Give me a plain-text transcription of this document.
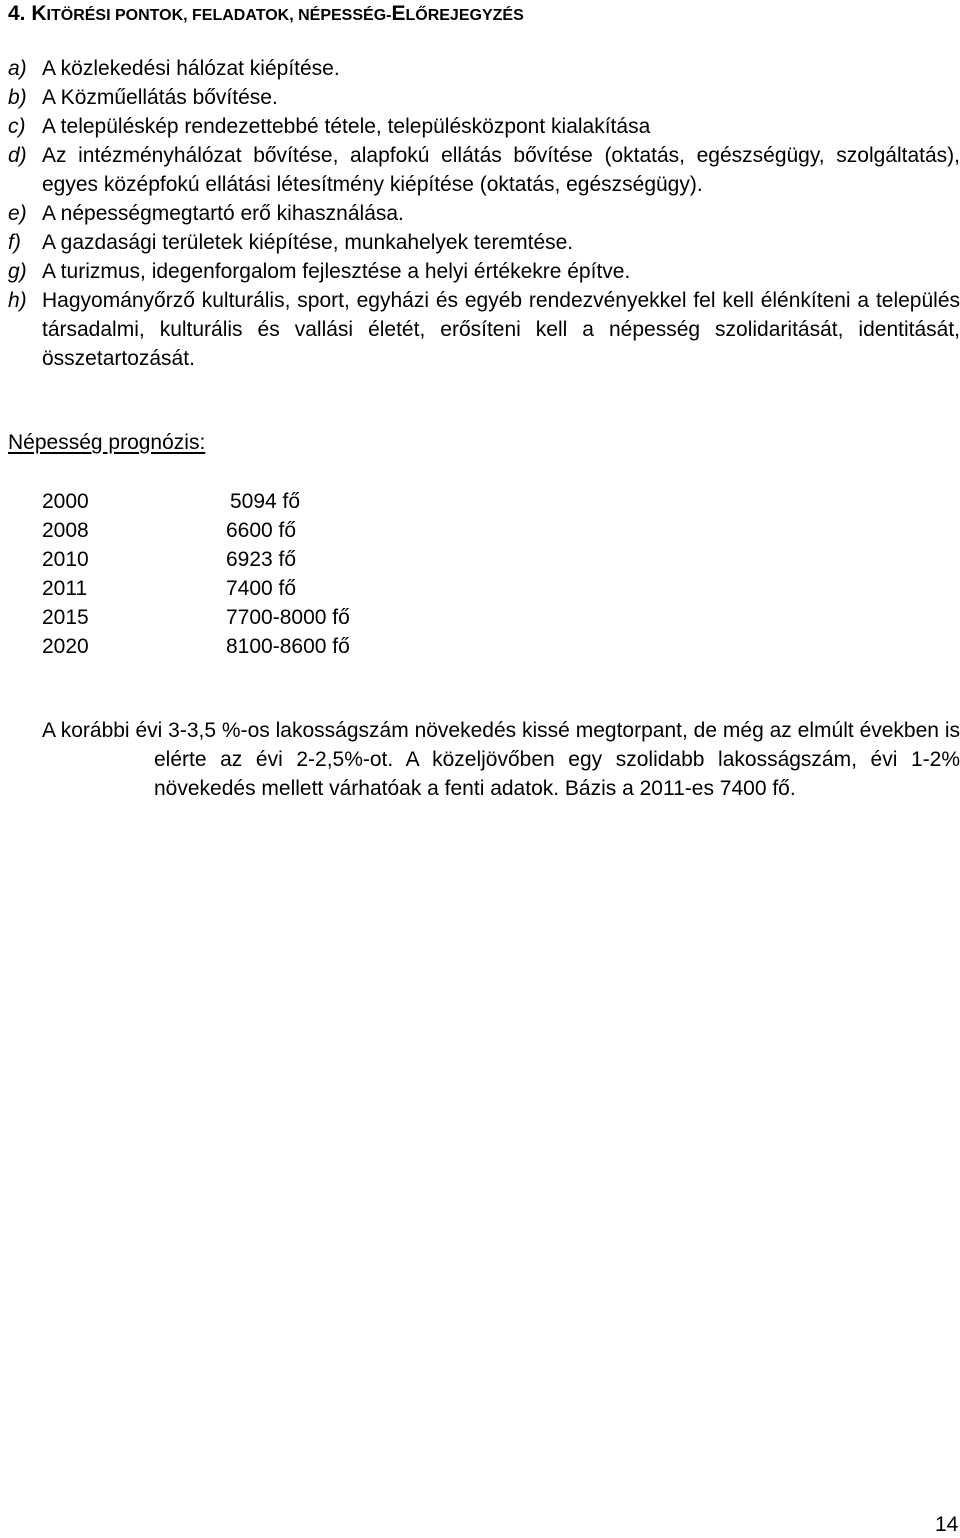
4. KITÖRÉSI PONTOK, FELADATOK, NÉPESSÉG-ELŐREJEGYZÉS
a) A közlekedési hálózat kiépítése.
b) A Közműellátás bővítése.
c) A településkép rendezettebbé tétele, településközpont kialakítása
d) Az intézményhálózat bővítése, alapfokú ellátás bővítése (oktatás, egészségügy, szolgáltatás), egyes középfokú ellátási létesítmény kiépítése (oktatás, egészségügy).
e) A népességmegtartó erő kihasználása.
f)	A gazdasági területek kiépítése, munkahelyek teremtése.
g) A turizmus, idegenforgalom fejlesztése a helyi értékekre építve.
h) Hagyományőrző kulturális, sport, egyházi és egyéb rendezvényekkel fel kell élénkíteni a település társadalmi, kulturális és vallási életét, erősíteni kell a népesség szolidaritását, identitását, összetartozását.
Népesség prognózis:
2000	5094 fő
2008	6600 fő
2010	6923 fő
2011	7400 fő
2015	7700-8000 fő
2020	8100-8600 fő
A korábbi évi 3-3,5 %-os lakosságszám növekedés kissé megtorpant, de még az elmúlt években is elérte az évi 2-2,5%-ot. A közeljövőben egy szolidabb lakosságszám, évi 1-2% növekedés mellett várhatóak a fenti adatok. Bázis a 2011-es 7400 fő.
14
